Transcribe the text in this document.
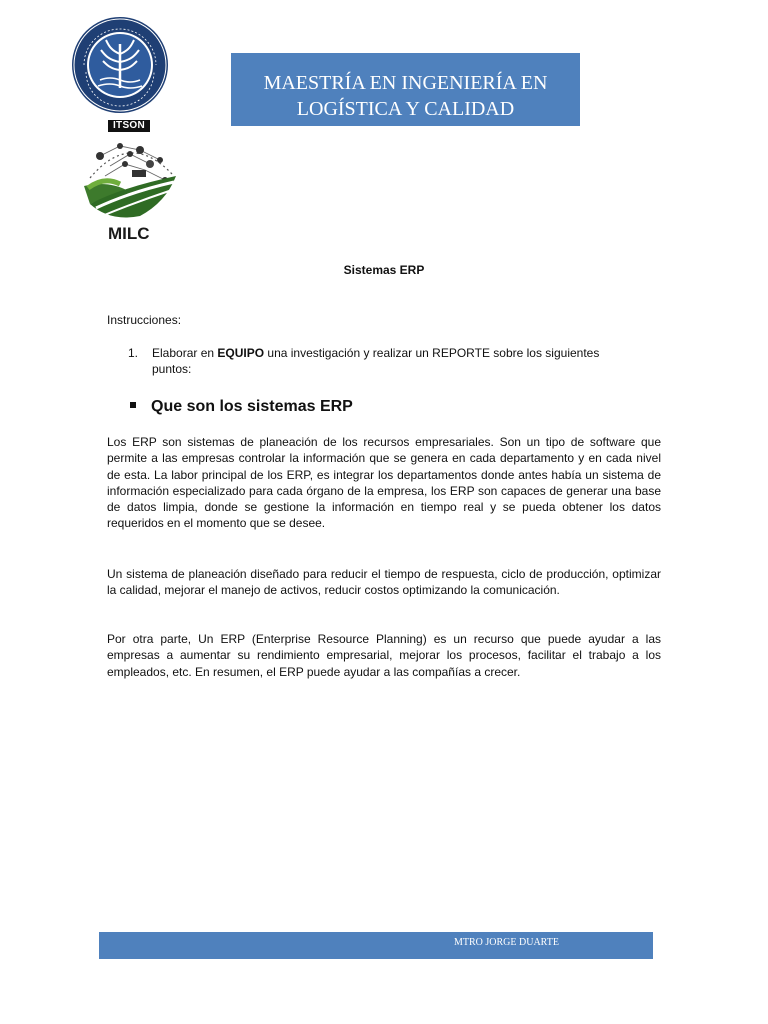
ITSON
MILC
MAESTRÍA EN INGENIERÍA EN
LOGÍSTICA Y CALIDAD
Sistemas ERP
Instrucciones:
1. Elaborar en EQUIPO una investigación y realizar un REPORTE sobre los siguientes puntos:
Que son los sistemas ERP
Los ERP son sistemas de planeación de los recursos empresariales. Son un tipo de software que permite a las empresas controlar la información que se genera en cada departamento y en cada nivel de esta. La labor principal de los ERP, es integrar los departamentos donde antes había un sistema de información especializado para cada órgano de la empresa, los ERP son capaces de generar una base de datos limpia, donde se gestione la información en tiempo real y se pueda obtener los datos requeridos en el momento que se desee.
Un sistema de planeación diseñado para reducir el tiempo de respuesta, ciclo de producción, optimizar la calidad, mejorar el manejo de activos, reducir costos optimizando la comunicación.
Por otra parte, Un ERP (Enterprise Resource Planning) es un recurso que puede ayudar a las empresas a aumentar su rendimiento empresarial, mejorar los procesos, facilitar el trabajo a los empleados, etc. En resumen, el ERP puede ayudar a las compañías a crecer.
MTRO JORGE DUARTE
